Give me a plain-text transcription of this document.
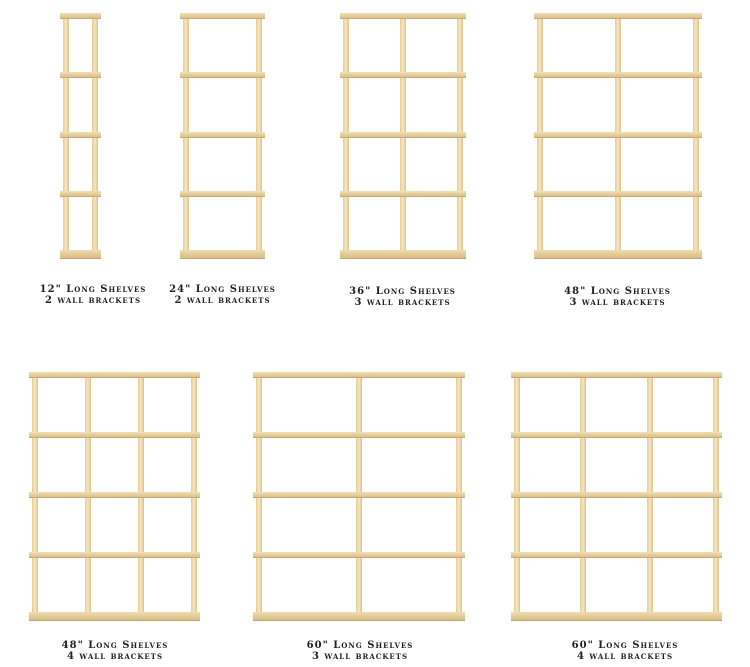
12" Long Shelves
2 wall brackets
24" Long Shelves
2 wall brackets
36" Long Shelves
3 wall brackets
48" Long Shelves
3 wall brackets
48" Long Shelves
4 wall brackets
60" Long Shelves
3 wall brackets
60" Long Shelves
4 wall brackets
